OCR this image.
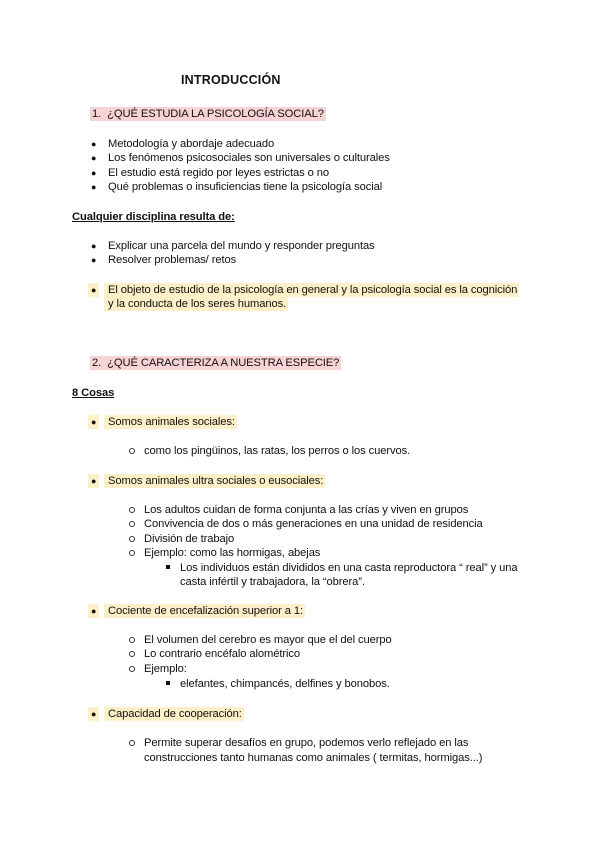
INTRODUCCIÓN
1. ¿QUÉ ESTUDIA LA PSICOLOGÍA SOCIAL?
● Metodología y abordaje adecuado
● Los fenómenos psicosociales son universales o culturales
● El estudio está regido por leyes estrictas o no
● Qué problemas o insuficiencias tiene la psicología social
Cualquier disciplina resulta de:
● Explicar una parcela del mundo y responder preguntas
● Resolver problemas/ retos
●	El objeto de estudio de la psicología en general y la psicología social es la cognición
y la conducta de los seres humanos.
2. ¿QUÉ CARACTERIZA A NUESTRA ESPECIE?
8 Cosas
●	Somos animales sociales:
como los pingüinos, las ratas, los perros o los cuervos.
●	Somos animales ultra sociales o eusociales:
Los adultos cuidan de forma conjunta a las crías y viven en grupos
Convivencia de dos o más generaciones en una unidad de residencia
División de trabajo
Ejemplo: como las hormigas, abejas
Los individuos están divididos en una casta reproductora “ real” y una
casta infértil y trabajadora, la “obrera”.
●	Cociente de encefalización superior a 1:
El volumen del cerebro es mayor que el del cuerpo
Lo contrario encéfalo alométrico
Ejemplo:
elefantes, chimpancés, delfines y bonobos.
●	Capacidad de cooperación:
Permite superar desafíos en grupo, podemos verlo reflejado en las
construcciones tanto humanas como animales ( termitas, hormigas...)
